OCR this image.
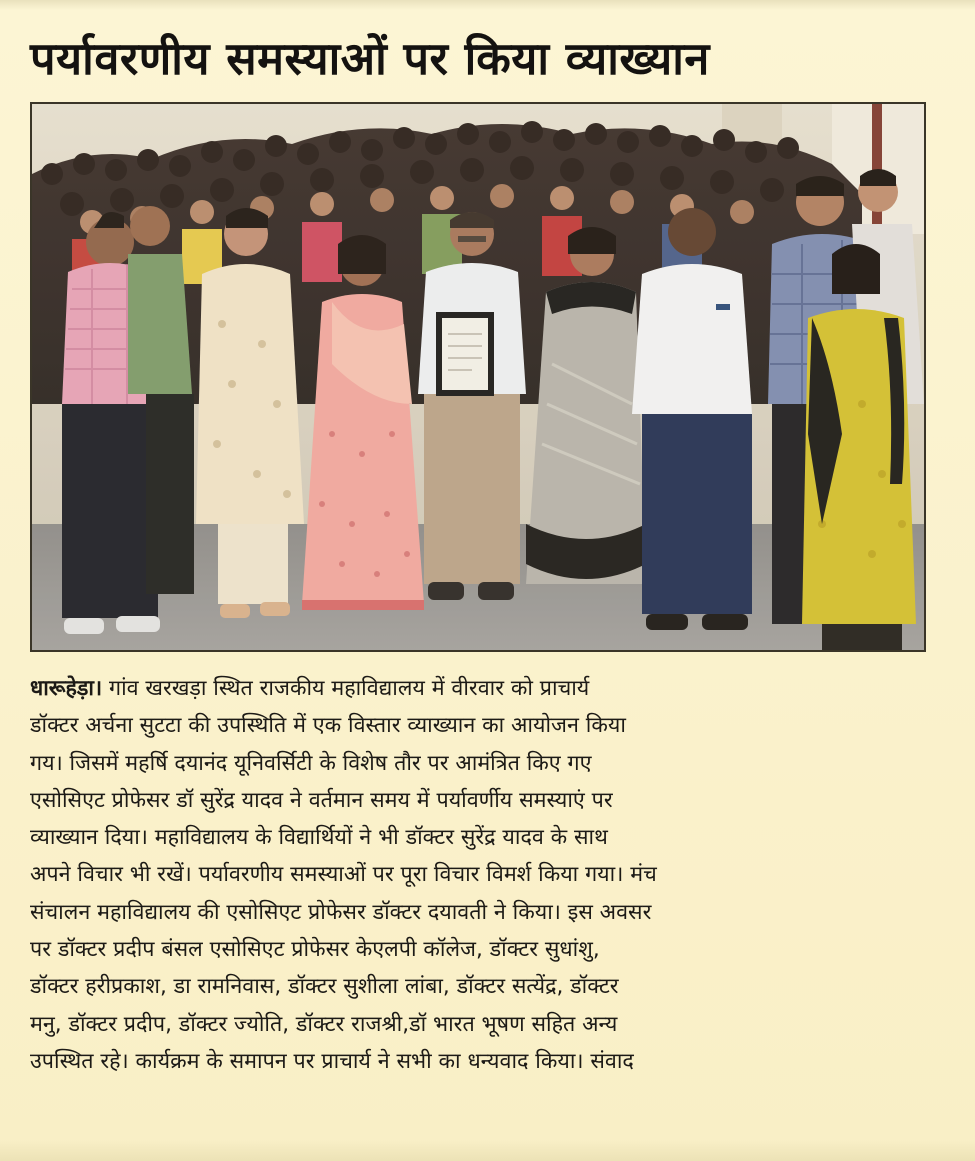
पर्यावरणीय समस्याओं पर किया व्याख्यान
धारूहेड़ा। गांव खरखड़ा स्थित राजकीय महाविद्यालय में वीरवार को प्राचार्य
डॉक्टर अर्चना सुटटा की उपस्थिति में एक विस्तार व्याख्यान का आयोजन किया
गय। जिसमें महर्षि दयानंद यूनिवर्सिटी के विशेष तौर पर आमंत्रित किए गए
एसोसिएट प्रोफेसर डॉ सुरेंद्र यादव ने वर्तमान समय में पर्यावर्णीय समस्याएं पर
व्याख्यान दिया। महाविद्यालय के विद्यार्थियों ने भी डॉक्टर सुरेंद्र यादव के साथ
अपने विचार भी रखें। पर्यावरणीय समस्याओं पर पूरा विचार विमर्श किया गया। मंच
संचालन महाविद्यालय की एसोसिएट प्रोफेसर डॉक्टर दयावती ने किया। इस अवसर
पर डॉक्टर प्रदीप बंसल एसोसिएट प्रोफेसर केएलपी कॉलेज, डॉक्टर सुधांशु,
डॉक्टर हरीप्रकाश, डा रामनिवास, डॉक्टर सुशीला लांबा, डॉक्टर सत्येंद्र, डॉक्टर
मनु, डॉक्टर प्रदीप, डॉक्टर ज्योति, डॉक्टर राजश्री,डॉ भारत भूषण सहित अन्य
उपस्थित रहे। कार्यक्रम के समापन पर प्राचार्य ने सभी का धन्यवाद किया। संवाद
